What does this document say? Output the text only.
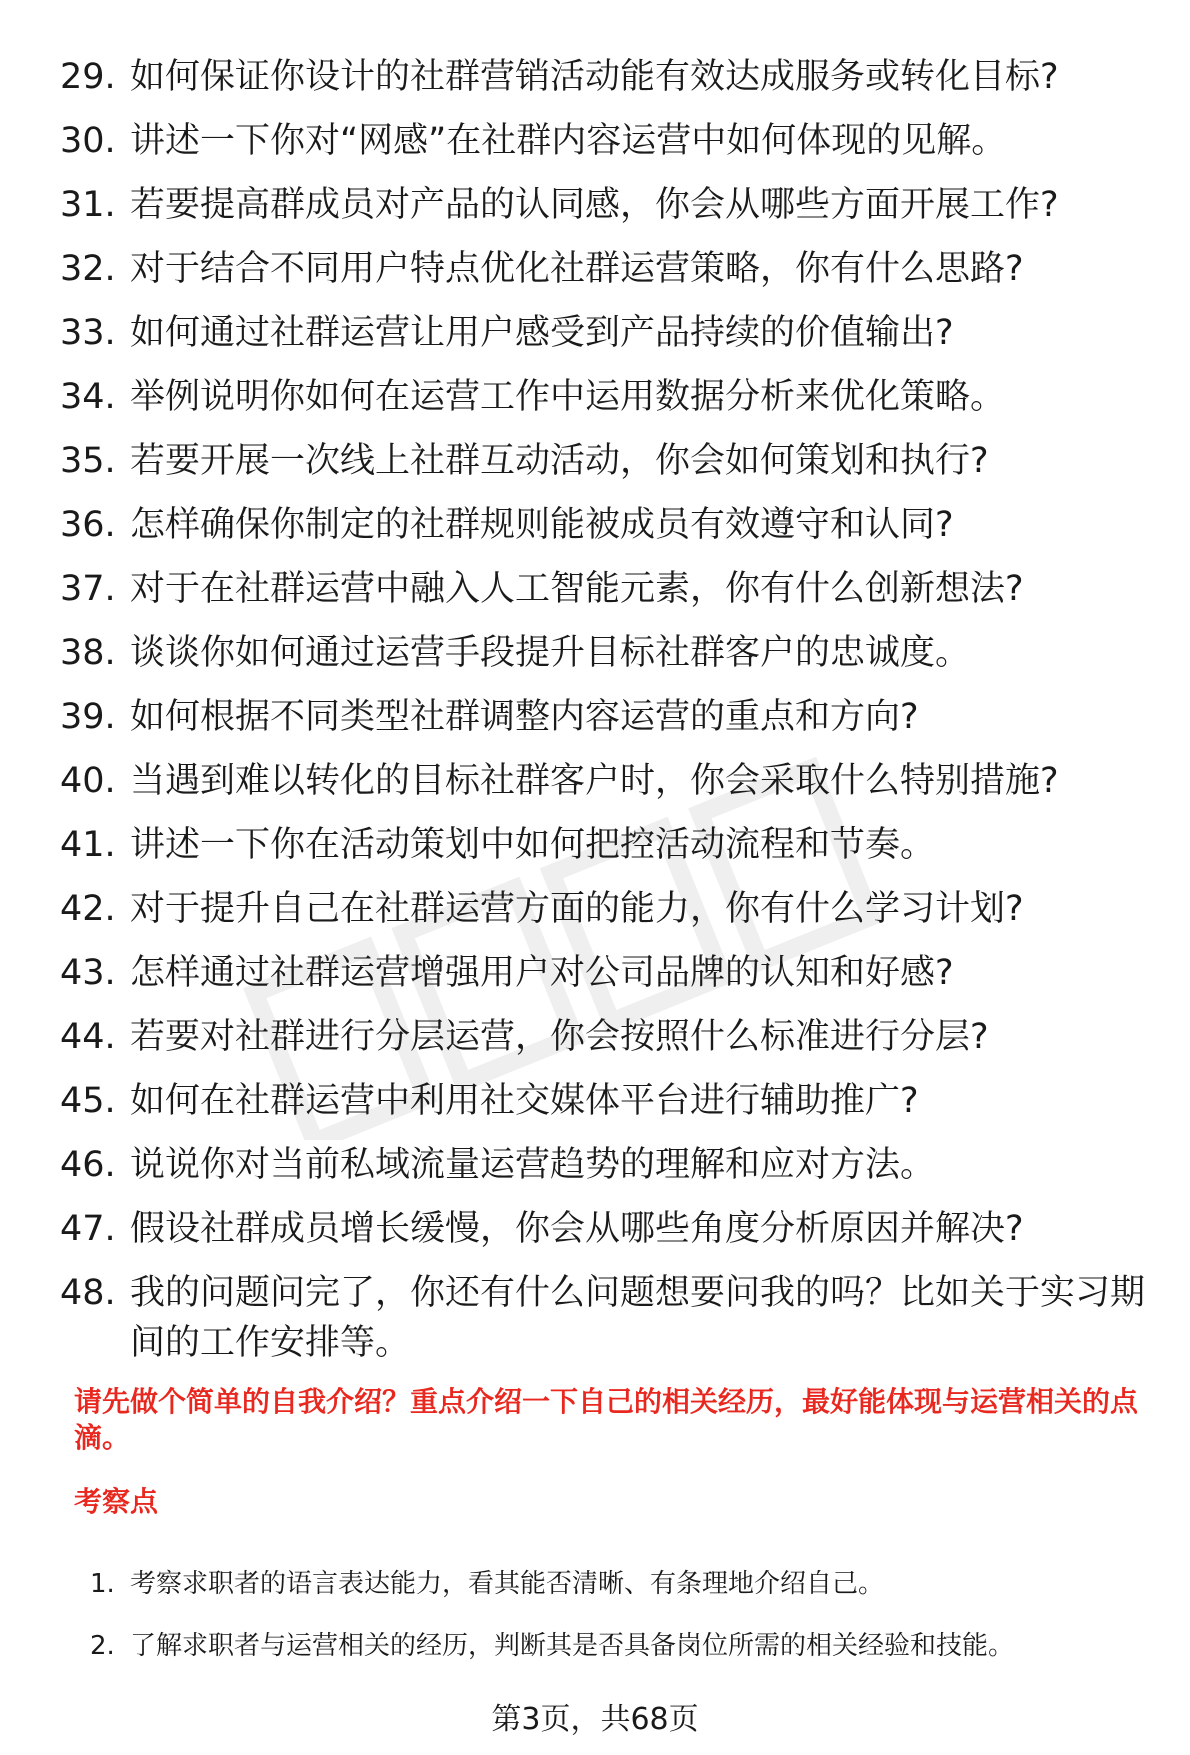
29. 如何保证你设计的社群营销活动能有效达成服务或转化目标?
30. 讲述一下你对“网感”在社群内容运营中如何体现的见解。
31. 若要提高群成员对产品的认同感，你会从哪些方面开展工作?
32. 对于结合不同用户特点优化社群运营策略，你有什么思路?
33. 如何通过社群运营让用户感受到产品持续的价值输出?
34. 举例说明你如何在运营工作中运用数据分析来优化策略。
35. 若要开展一次线上社群互动活动，你会如何策划和执行?
36. 怎样确保你制定的社群规则能被成员有效遵守和认同?
37. 对于在社群运营中融入人工智能元素，你有什么创新想法?
38. 谈谈你如何通过运营手段提升目标社群客户的忠诚度。
39. 如何根据不同类型社群调整内容运营的重点和方向?
40. 当遇到难以转化的目标社群客户时，你会采取什么特别措施?
41. 讲述一下你在活动策划中如何把控活动流程和节奏。
42. 对于提升自己在社群运营方面的能力，你有什么学习计划?
43. 怎样通过社群运营增强用户对公司品牌的认知和好感?
44. 若要对社群进行分层运营，你会按照什么标准进行分层?
45. 如何在社群运营中利用社交媒体平台进行辅助推广?
46. 说说你对当前私域流量运营趋势的理解和应对方法。
47. 假设社群成员增长缓慢，你会从哪些角度分析原因并解决?
48. 我的问题问完了，你还有什么问题想要问我的吗？比如关于实习期间的工作安排等。

请先做个简单的自我介绍？重点介绍一下自己的相关经历，最好能体现与运营相关的点滴。

考察点
1. 考察求职者的语言表达能力，看其能否清晰、有条理地介绍自己。
2. 了解求职者与运营相关的经历，判断其是否具备岗位所需的相关经验和技能。
第3页，共68页
